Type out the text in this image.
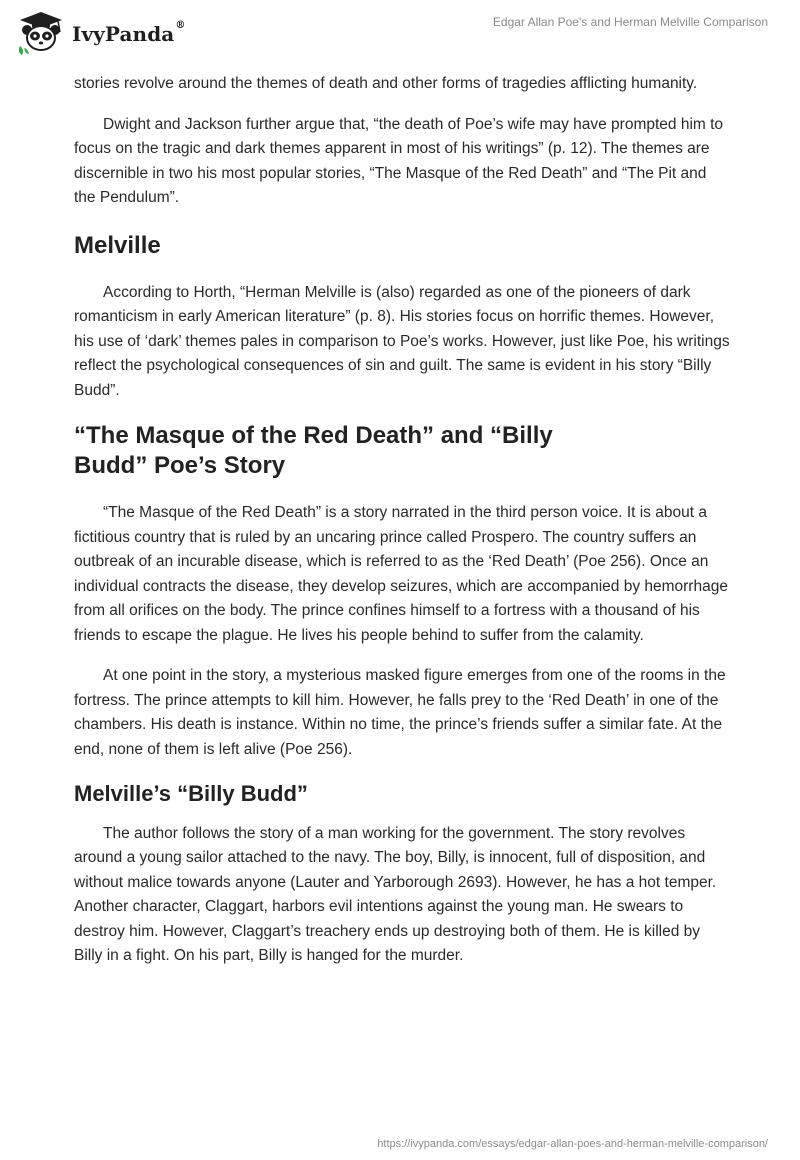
IvyPanda®	Edgar Allan Poe's and Herman Melville Comparison

stories revolve around the themes of death and other forms of tragedies afflicting humanity.

Dwight and Jackson further argue that, “the death of Poe’s wife may have prompted him to focus on the tragic and dark themes apparent in most of his writings” (p. 12). The themes are discernible in two his most popular stories, “The Masque of the Red Death” and “The Pit and the Pendulum”.

Melville

According to Horth, “Herman Melville is (also) regarded as one of the pioneers of dark romanticism in early American literature” (p. 8). His stories focus on horrific themes. However, his use of ‘dark’ themes pales in comparison to Poe’s works. However, just like Poe, his writings reflect the psychological consequences of sin and guilt. The same is evident in his story “Billy Budd”.

“The Masque of the Red Death” and “Billy
Budd” Poe’s Story

“The Masque of the Red Death” is a story narrated in the third person voice. It is about a fictitious country that is ruled by an uncaring prince called Prospero. The country suffers an outbreak of an incurable disease, which is referred to as the ‘Red Death’ (Poe 256). Once an individual contracts the disease, they develop seizures, which are accompanied by hemorrhage from all orifices on the body. The prince confines himself to a fortress with a thousand of his friends to escape the plague. He lives his people behind to suffer from the calamity.

At one point in the story, a mysterious masked figure emerges from one of the rooms in the fortress. The prince attempts to kill him. However, he falls prey to the ‘Red Death’ in one of the chambers. His death is instance. Within no time, the prince’s friends suffer a similar fate. At the end, none of them is left alive (Poe 256).

Melville’s “Billy Budd”

The author follows the story of a man working for the government. The story revolves around a young sailor attached to the navy. The boy, Billy, is innocent, full of disposition, and without malice towards anyone (Lauter and Yarborough 2693). However, he has a hot temper. Another character, Claggart, harbors evil intentions against the young man. He swears to destroy him. However, Claggart’s treachery ends up destroying both of them. He is killed by Billy in a fight. On his part, Billy is hanged for the murder.

https://ivypanda.com/essays/edgar-allan-poes-and-herman-melville-comparison/
